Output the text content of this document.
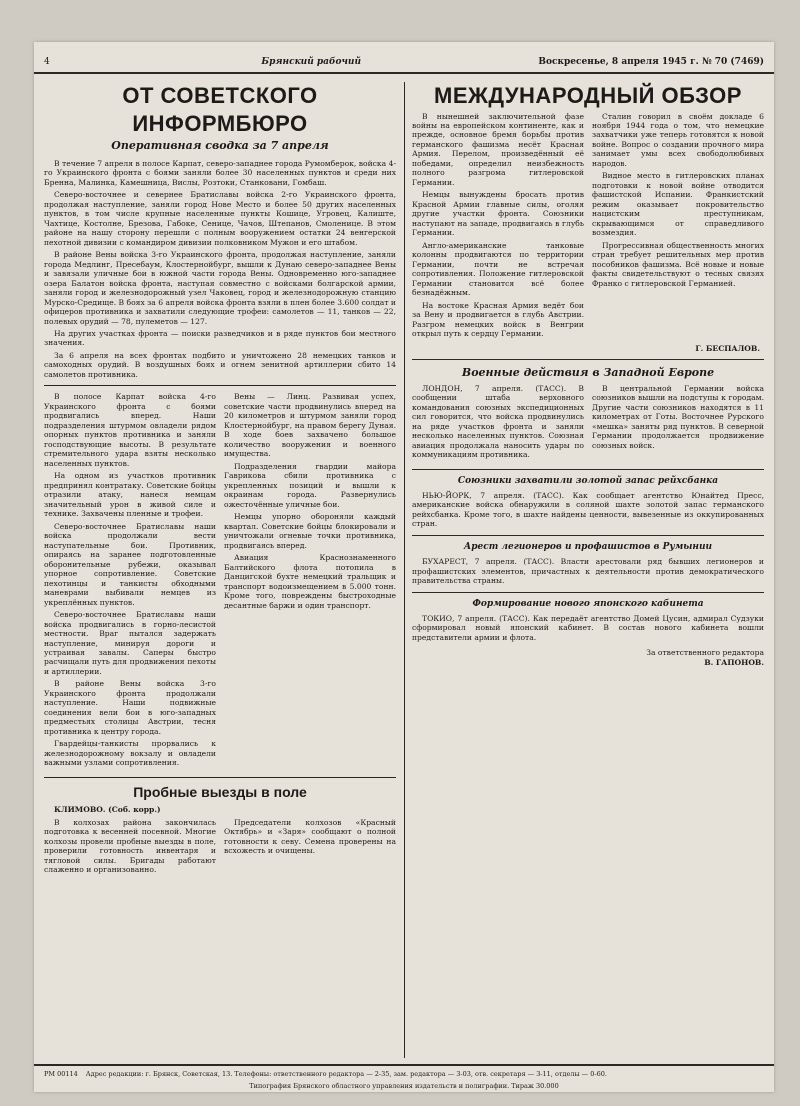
4	Брянский рабочий	Воскресенье, 8 апреля 1945 г. № 70 (7469)
ОТ СОВЕТСКОГО ИНФОРМБЮРО
Оперативная сводка за 7 апреля

В течение 7 апреля в полосе Карпат, северо-западнее города Румомберок, войска 4-го Украинского фронта с боями заняли более 30 населенных пунктов и среди них Бренна, Малинка, Камешница, Вислы, Розтоки, Станковани, Гомбаш.

Северо-восточнее и севернее Братиславы войска 2-го Украинского фронта, продолжая наступление, заняли город Нове Место и более 50 других населенных пунктов, в том числе крупные населенные пункты Кошице, Угровец, Калиште, Чахтице, Костолне, Брезова, Габоке, Сенице, Чачов, Штепанов, Смоленице. В этом районе на нашу сторону перешли с полным вооружением остатки 24 венгерской пехотной дивизии с командиром дивизии полковником Мужон и его штабом.

В районе Вены войска 3-го Украинского фронта, продолжая наступление, заняли города Медлинг, Пресебаум, Клостернойбург, вышли к Дунаю северо-западнее Вены и завязали уличные бои в южной части города Вены. Одновременно юго-западнее озера Балатон войска фронта, наступая совместно с войсками болгарской армии, заняли город и железнодорожный узел Чаковец, город и железнодорожную станцию Мурско-Средище. В боях за 6 апреля войска фронта взяли в плен более 3.600 солдат и офицеров противника и захватили следующие трофеи: самолетов — 11, танков — 22, полевых орудий — 78, пулеметов — 127.

На других участках фронта — поиски разведчиков и в ряде пунктов бои местного значения.

За 6 апреля на всех фронтах подбито и уничтожено 28 немецких танков и самоходных орудий. В воздушных боях и огнем зенитной артиллерии сбито 14 самолетов противника.

В полосе Карпат войска 4-го Украинского фронта с боями продвигались вперед. Наши подразделения штурмом овладели рядом опорных пунктов противника и заняли господствующие высоты. В результате стремительного удара взяты несколько населенных пунктов.

На одном из участков противник предпринял контратаку. Советские бойцы отразили атаку, нанеся немцам значительный урон в живой силе и технике. Захвачены пленные и трофеи.

Северо-восточнее Братиславы наши войска продолжали вести наступательные бои. Противник, опираясь на заранее подготовленные оборонительные рубежи, оказывал упорное сопротивление. Советские пехотинцы и танкисты обходными маневрами выбивали немцев из укреплённых пунктов.

Северо-восточнее Братиславы наши войска продвигались в горно-лесистой местности. Враг пытался задержать наступление, минируя дороги и устраивая завалы. Саперы быстро расчищали путь для продвижения пехоты и артиллерии.

В районе Вены войска 3-го Украинского фронта продолжали наступление. Наши подвижные соединения вели бои в юго-западных предместьях столицы Австрии, тесня противника к центру города.

Гвардейцы-танкисты прорвались к железнодорожному вокзалу и овладели важными узлами сопротивления.

Вены — Линц. Развивая успех, советские части продвинулись вперед на 20 километров и штурмом заняли город Клостернойбург, на правом берегу Дуная. В ходе боев захвачено большое количество вооружения и военного имущества.

Подразделения гвардии майора Гаврикова сбили противника с укрепленных позиций и вышли к окраинам города. Развернулись ожесточённые уличные бои.

Немцы упорно обороняли каждый квартал. Советские бойцы блокировали и уничтожали огневые точки противника, продвигаясь вперед.

Авиация Краснознаменного Балтийского флота потопила в Данцигской бухте немецкий тральщик и транспорт водоизмещением в 5.000 тонн. Кроме того, повреждены быстроходные десантные баржи и один транспорт.

Пробные выезды в поле

КЛИМОВО. (Соб. корр.)

В колхозах района закончилась подготовка к весенней посевной. Многие колхозы провели пробные выезды в поле, проверили готовность инвентаря и тягловой силы. Бригады работают слаженно и организованно.

Председатели колхозов «Красный Октябрь» и «Заря» сообщают о полной готовности к севу. Семена проверены на всхожесть и очищены.

МЕЖДУНАРОДНЫЙ ОБЗОР

В нынешней заключительной фазе войны на европейском континенте, как и прежде, основное бремя борьбы против германского фашизма несёт Красная Армия. Перелом, произведённый её победами, определил неизбежность полного разгрома гитлеровской Германии.

Немцы вынуждены бросать против Красной Армии главные силы, оголяя другие участки фронта. Союзники наступают на западе, продвигаясь в глубь Германии.

Англо-американские танковые колонны продвигаются по территории Германии, почти не встречая сопротивления. Положение гитлеровской Германии становится всё более безнадёжным.

На востоке Красная Армия ведёт бои за Вену и продвигается в глубь Австрии. Разгром немецких войск в Венгрии открыл путь к сердцу Германии.

Сталин говорил в своём докладе 6 ноября 1944 года о том, что немецкие захватчики уже теперь готовятся к новой войне. Вопрос о создании прочного мира занимает умы всех свободолюбивых народов.

Видное место в гитлеровских планах подготовки к новой войне отводится фашистской Испании. Франкистский режим оказывает покровительство нацистским преступникам, скрывающимся от справедливого возмездия.

Прогрессивная общественность многих стран требует решительных мер против пособников фашизма. Всё новые и новые факты свидетельствуют о тесных связях Франко с гитлеровской Германией.

Г. БЕСПАЛОВ.
Военные действия в Западной Европе

ЛОНДОН, 7 апреля. (ТАСС). В сообщении штаба верховного командования союзных экспедиционных сил говорится, что войска продвинулись на ряде участков фронта и заняли несколько населенных пунктов. Союзная авиация продолжала наносить удары по коммуникациям противника.

В центральной Германии войска союзников вышли на подступы к городам. Другие части союзников находятся в 11 километрах от Готы. Восточнее Рурского «мешка» заняты ряд пунктов. В северной Германии продолжается продвижение союзных войск.

Союзники захватили золотой запас рейхсбанка

НЬЮ-ЙОРК, 7 апреля. (ТАСС). Как сообщает агентство Юнайтед Пресс, американские войска обнаружили в соляной шахте золотой запас германского рейхсбанка. Кроме того, в шахте найдены ценности, вывезенные из оккупированных стран.

Арест легионеров и профашистов в Румынии

БУХАРЕСТ, 7 апреля. (ТАСС). Власти арестовали ряд бывших легионеров и профашистских элементов, причастных к деятельности против демократического правительства страны.

Формирование нового японского кабинета

ТОКИО, 7 апреля. (ТАСС). Как передаёт агентство Домей Цусин, адмирал Судзуки сформировал новый японский кабинет. В состав нового кабинета вошли представители армии и флота.

За ответственного редактора
В. ГАПОНОВ.
РМ 00114 Адрес редакции: г. Брянск, Советская, 13. Телефоны: ответственного редактора — 2-35, зам. редактора — 3-03, отв. секретаря — 3-11, отделы — 0-60.
Типография Брянского областного управления издательств и полиграфии. Тираж 30.000
